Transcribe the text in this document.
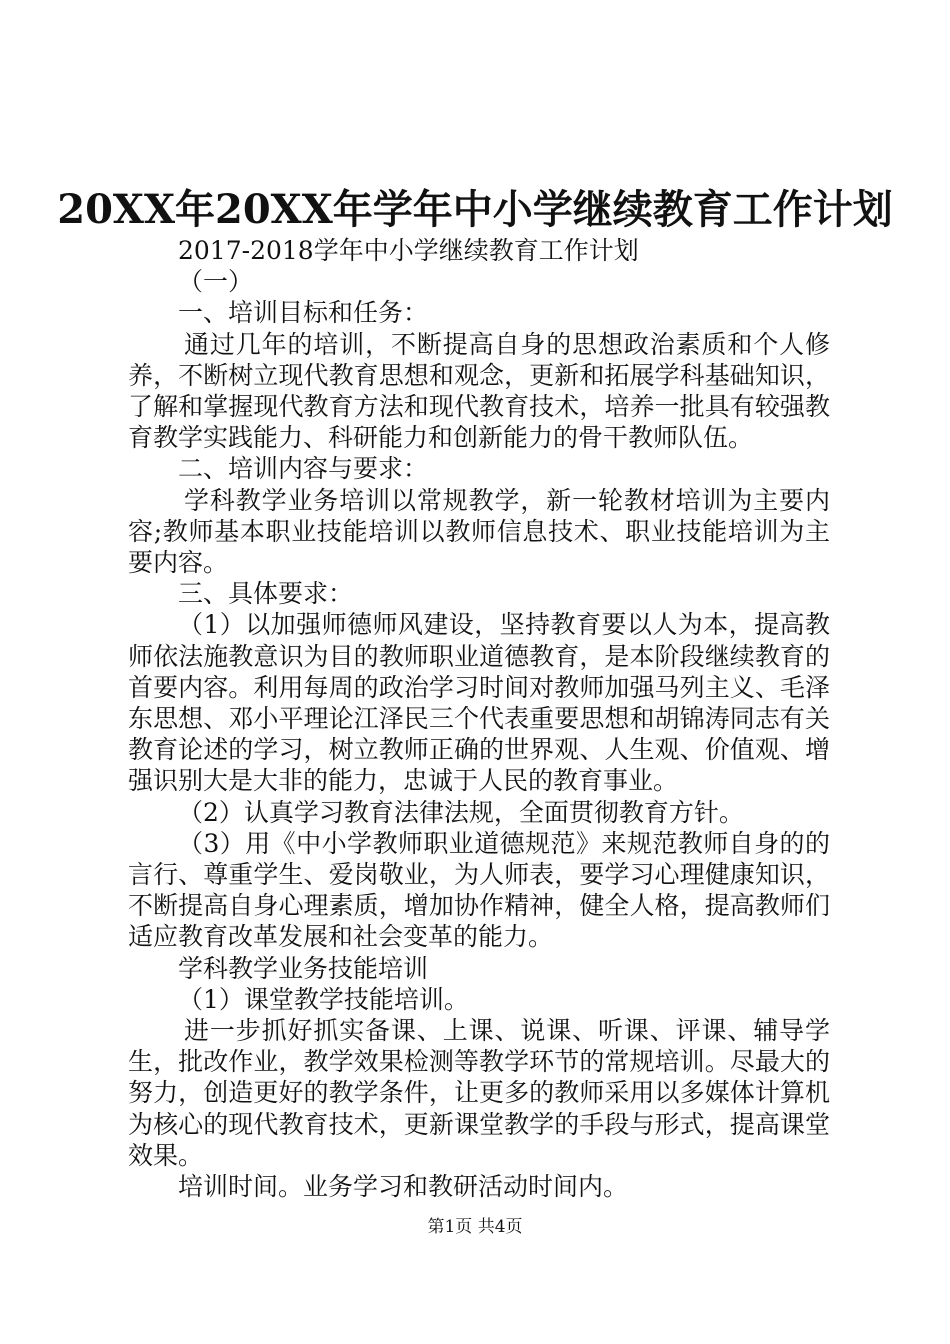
20XX年20XX年学年中小学继续教育工作计划

2017-2018学年中小学继续教育工作计划

（一）

一、培训目标和任务：

通过几年的培训，不断提高自身的思想政治素质和个人修养，不断树立现代教育思想和观念，更新和拓展学科基础知识，了解和掌握现代教育方法和现代教育技术，培养一批具有较强教育教学实践能力、科研能力和创新能力的骨干教师队伍。

二、培训内容与要求：

学科教学业务培训以常规教学，新一轮教材培训为主要内容;教师基本职业技能培训以教师信息技术、职业技能培训为主要内容。

三、具体要求：

（1）以加强师德师风建设，坚持教育要以人为本，提高教师依法施教意识为目的教师职业道德教育，是本阶段继续教育的首要内容。利用每周的政治学习时间对教师加强马列主义、毛泽东思想、邓小平理论江泽民三个代表重要思想和胡锦涛同志有关教育论述的学习，树立教师正确的世界观、人生观、价值观、增强识别大是大非的能力，忠诚于人民的教育事业。

（2）认真学习教育法律法规，全面贯彻教育方针。

（3）用《中小学教师职业道德规范》来规范教师自身的的言行、尊重学生、爱岗敬业，为人师表，要学习心理健康知识，不断提高自身心理素质，增加协作精神，健全人格，提高教师们适应教育改革发展和社会变革的能力。

学科教学业务技能培训

（1）课堂教学技能培训。

进一步抓好抓实备课、上课、说课、听课、评课、辅导学生，批改作业，教学效果检测等教学环节的常规培训。尽最大的努力，创造更好的教学条件，让更多的教师采用以多媒体计算机为核心的现代教育技术，更新课堂教学的手段与形式，提高课堂效果。

培训时间。业务学习和教研活动时间内。

第1页 共4页
